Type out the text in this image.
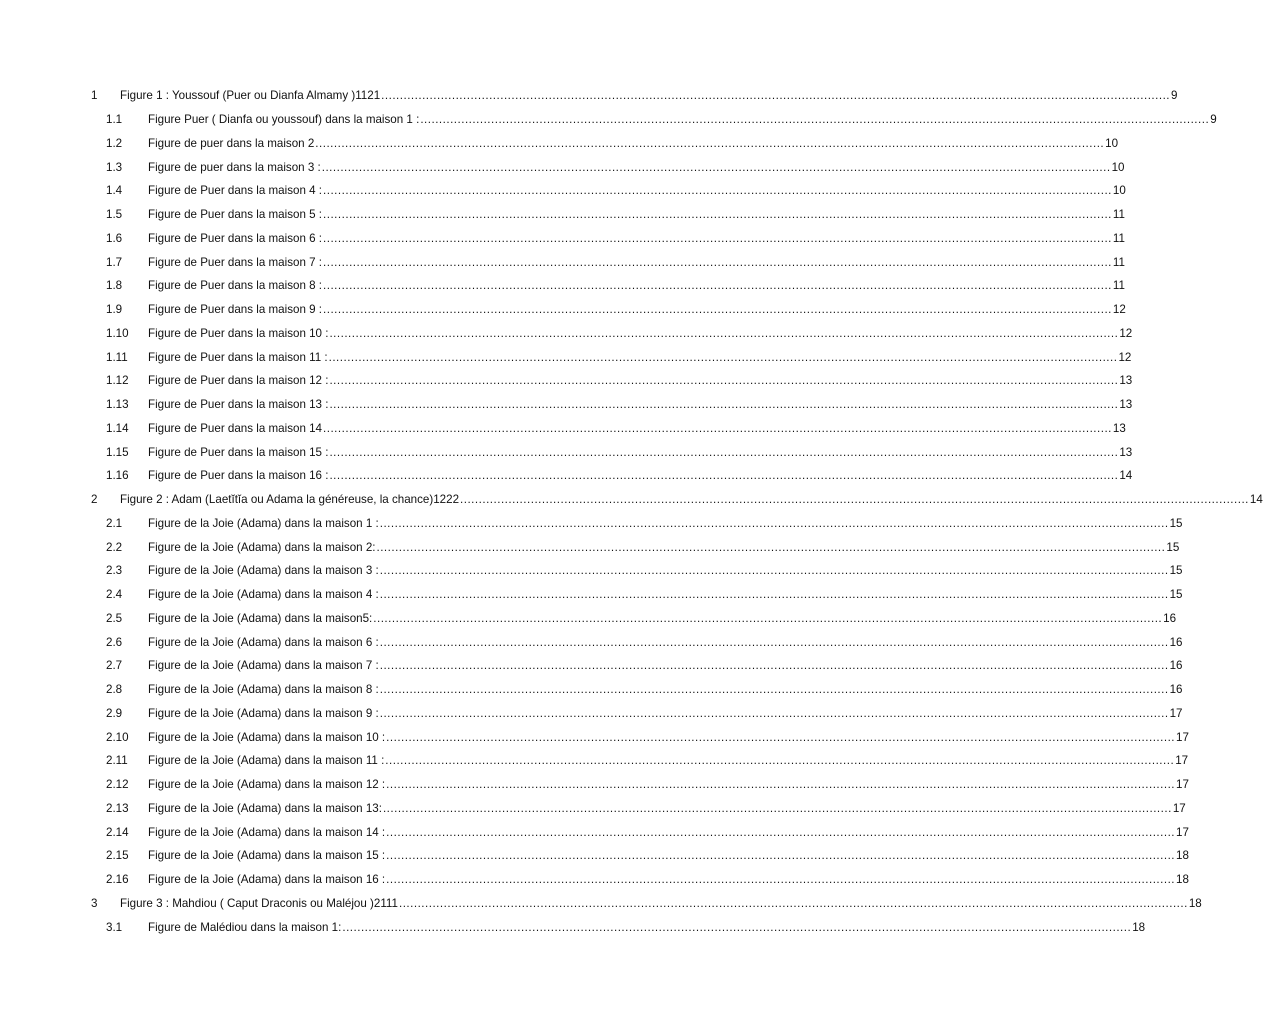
1 Figure 1 : Youssouf (Puer ou Dianfa Almamy )1121 .................................................................................................................................................................................................................... 9
1.1 Figure Puer ( Dianfa ou youssouf) dans la maison 1 : .................................................................................................................................................................................................................... 9
1.2 Figure de puer dans la maison 2 .................................................................................................................................................................................................................... 10
1.3 Figure de puer dans la maison 3 : .................................................................................................................................................................................................................... 10
1.4 Figure de Puer dans la maison 4 : .................................................................................................................................................................................................................... 10
1.5 Figure de Puer dans la maison 5 : .................................................................................................................................................................................................................... 11
1.6 Figure de Puer dans la maison 6 : .................................................................................................................................................................................................................... 11
1.7 Figure de Puer dans la maison 7 : .................................................................................................................................................................................................................... 11
1.8 Figure de Puer dans la maison 8 : .................................................................................................................................................................................................................... 11
1.9 Figure de Puer dans la maison 9 : .................................................................................................................................................................................................................... 12
1.10 Figure de Puer dans la maison 10 : .................................................................................................................................................................................................................... 12
1.11 Figure de Puer dans la maison 11 : .................................................................................................................................................................................................................... 12
1.12 Figure de Puer dans la maison 12 : .................................................................................................................................................................................................................... 13
1.13 Figure de Puer dans la maison 13 : .................................................................................................................................................................................................................... 13
1.14 Figure de Puer dans la maison 14 .................................................................................................................................................................................................................... 13
1.15 Figure de Puer dans la maison 15 : .................................................................................................................................................................................................................... 13
1.16 Figure de Puer dans la maison 16 : .................................................................................................................................................................................................................... 14
2 Figure 2 : Adam (Laetĭtĭa ou Adama la généreuse, la chance)1222 .................................................................................................................................................................................................................... 14
2.1 Figure de la Joie (Adama) dans la maison 1 : .................................................................................................................................................................................................................... 15
2.2 Figure de la Joie (Adama) dans la maison 2: .................................................................................................................................................................................................................... 15
2.3 Figure de la Joie (Adama) dans la maison 3 : .................................................................................................................................................................................................................... 15
2.4 Figure de la Joie (Adama) dans la maison 4 : .................................................................................................................................................................................................................... 15
2.5 Figure de la Joie (Adama) dans la maison5: .................................................................................................................................................................................................................... 16
2.6 Figure de la Joie (Adama) dans la maison 6 : .................................................................................................................................................................................................................... 16
2.7 Figure de la Joie (Adama) dans la maison 7 : .................................................................................................................................................................................................................... 16
2.8 Figure de la Joie (Adama) dans la maison 8 : .................................................................................................................................................................................................................... 16
2.9 Figure de la Joie (Adama) dans la maison 9 : .................................................................................................................................................................................................................... 17
2.10 Figure de la Joie (Adama) dans la maison 10 : .................................................................................................................................................................................................................... 17
2.11 Figure de la Joie (Adama) dans la maison 11 : .................................................................................................................................................................................................................... 17
2.12 Figure de la Joie (Adama) dans la maison 12 : .................................................................................................................................................................................................................... 17
2.13 Figure de la Joie (Adama) dans la maison 13: .................................................................................................................................................................................................................... 17
2.14 Figure de la Joie (Adama) dans la maison 14 : .................................................................................................................................................................................................................... 17
2.15 Figure de la Joie (Adama) dans la maison 15 : .................................................................................................................................................................................................................... 18
2.16 Figure de la Joie (Adama) dans la maison 16 : .................................................................................................................................................................................................................... 18
3 Figure 3 : Mahdiou ( Caput Draconis ou Maléjou )2111 .................................................................................................................................................................................................................... 18
3.1 Figure de Malédiou dans la maison 1: .................................................................................................................................................................................................................... 18
